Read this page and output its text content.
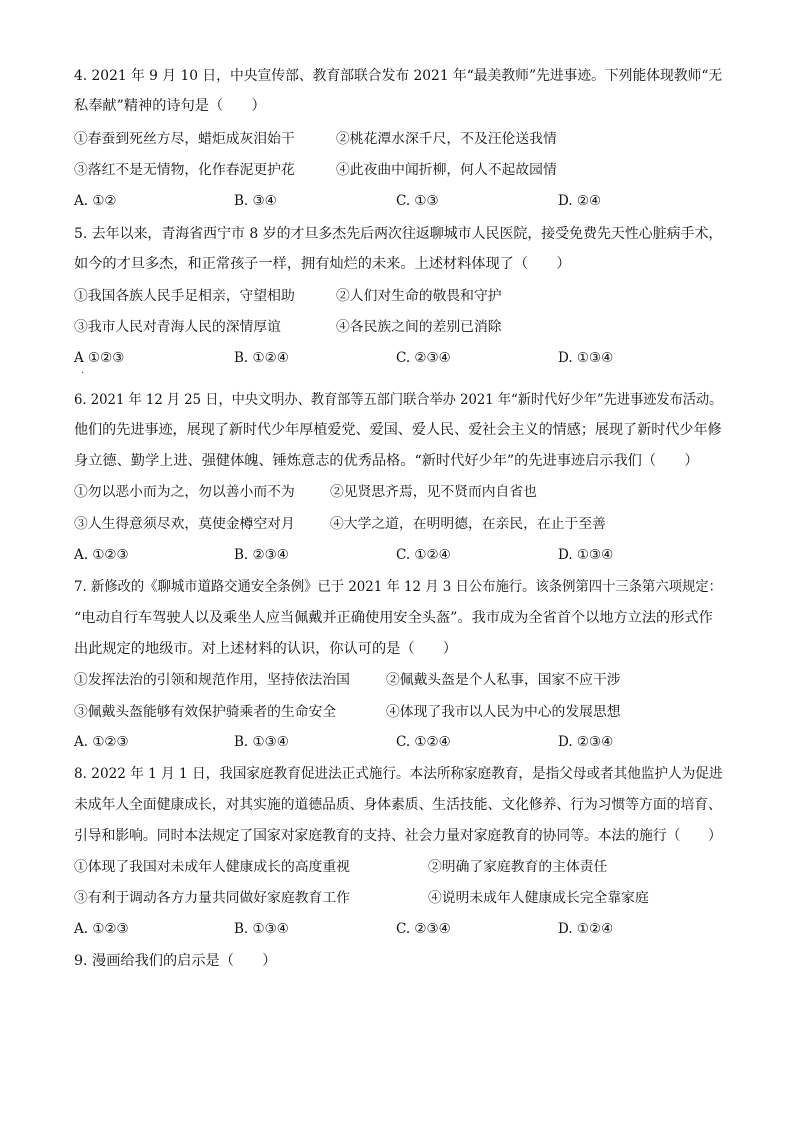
4. 2021 年 9 月 10 日，中央宣传部、教育部联合发布 2021 年“最美教师”先进事迹。下列能体现教师“无
私奉献”精神的诗句是（　　）
①春蚕到死丝方尽，蜡炬成灰泪始干	②桃花潭水深千尺，不及汪伦送我情
③落红不是无情物，化作春泥更护花	④此夜曲中闻折柳，何人不起故园情
A. ①②	B. ③④	C. ①③	D. ②④
5. 去年以来，青海省西宁市 8 岁的才旦多杰先后两次往返聊城市人民医院，接受免费先天性心脏病手术，
如今的才旦多杰，和正常孩子一样，拥有灿烂的未来。上述材料体现了（　　）
①我国各族人民手足相亲，守望相助	②人们对生命的敬畏和守护
③我市人民对青海人民的深情厚谊	④各民族之间的差别已消除
A ①②③	B. ①②④	C. ②③④	D. ①③④
·
6. 2021 年 12 月 25 日，中央文明办、教育部等五部门联合举办 2021 年“新时代好少年”先进事迹发布活动。
他们的先进事迹，展现了新时代少年厚植爱党、爱国、爱人民、爱社会主义的情感；展现了新时代少年修
身立德、勤学上进、强健体魄、锤炼意志的优秀品格。“新时代好少年”的先进事迹启示我们（　　）
①勿以恶小而为之，勿以善小而不为	②见贤思齐焉，见不贤而内自省也
③人生得意须尽欢，莫使金樽空对月	④大学之道，在明明德，在亲民，在止于至善
A. ①②③	B. ②③④	C. ①②④	D. ①③④
7. 新修改的《聊城市道路交通安全条例》已于 2021 年 12 月 3 日公布施行。该条例第四十三条第六项规定：
“电动自行车驾驶人以及乘坐人应当佩戴并正确使用安全头盔”。我市成为全省首个以地方立法的形式作
出此规定的地级市。对上述材料的认识，你认可的是（　　）
①发挥法治的引领和规范作用，坚持依法治国	②佩戴头盔是个人私事，国家不应干涉
③佩戴头盔能够有效保护骑乘者的生命安全	④体现了我市以人民为中心的发展思想
A. ①②③	B. ①③④	C. ①②④	D. ②③④
8. 2022 年 1 月 1 日，我国家庭教育促进法正式施行。本法所称家庭教育，是指父母或者其他监护人为促进
未成年人全面健康成长，对其实施的道德品质、身体素质、生活技能、文化修养、行为习惯等方面的培育、
引导和影响。同时本法规定了国家对家庭教育的支持、社会力量对家庭教育的协同等。本法的施行（　　）
①体现了我国对未成年人健康成长的高度重视	②明确了家庭教育的主体责任
③有利于调动各方力量共同做好家庭教育工作	④说明未成年人健康成长完全靠家庭
A. ①②③	B. ①③④	C. ②③④	D. ①②④
9. 漫画给我们的启示是（　　）
